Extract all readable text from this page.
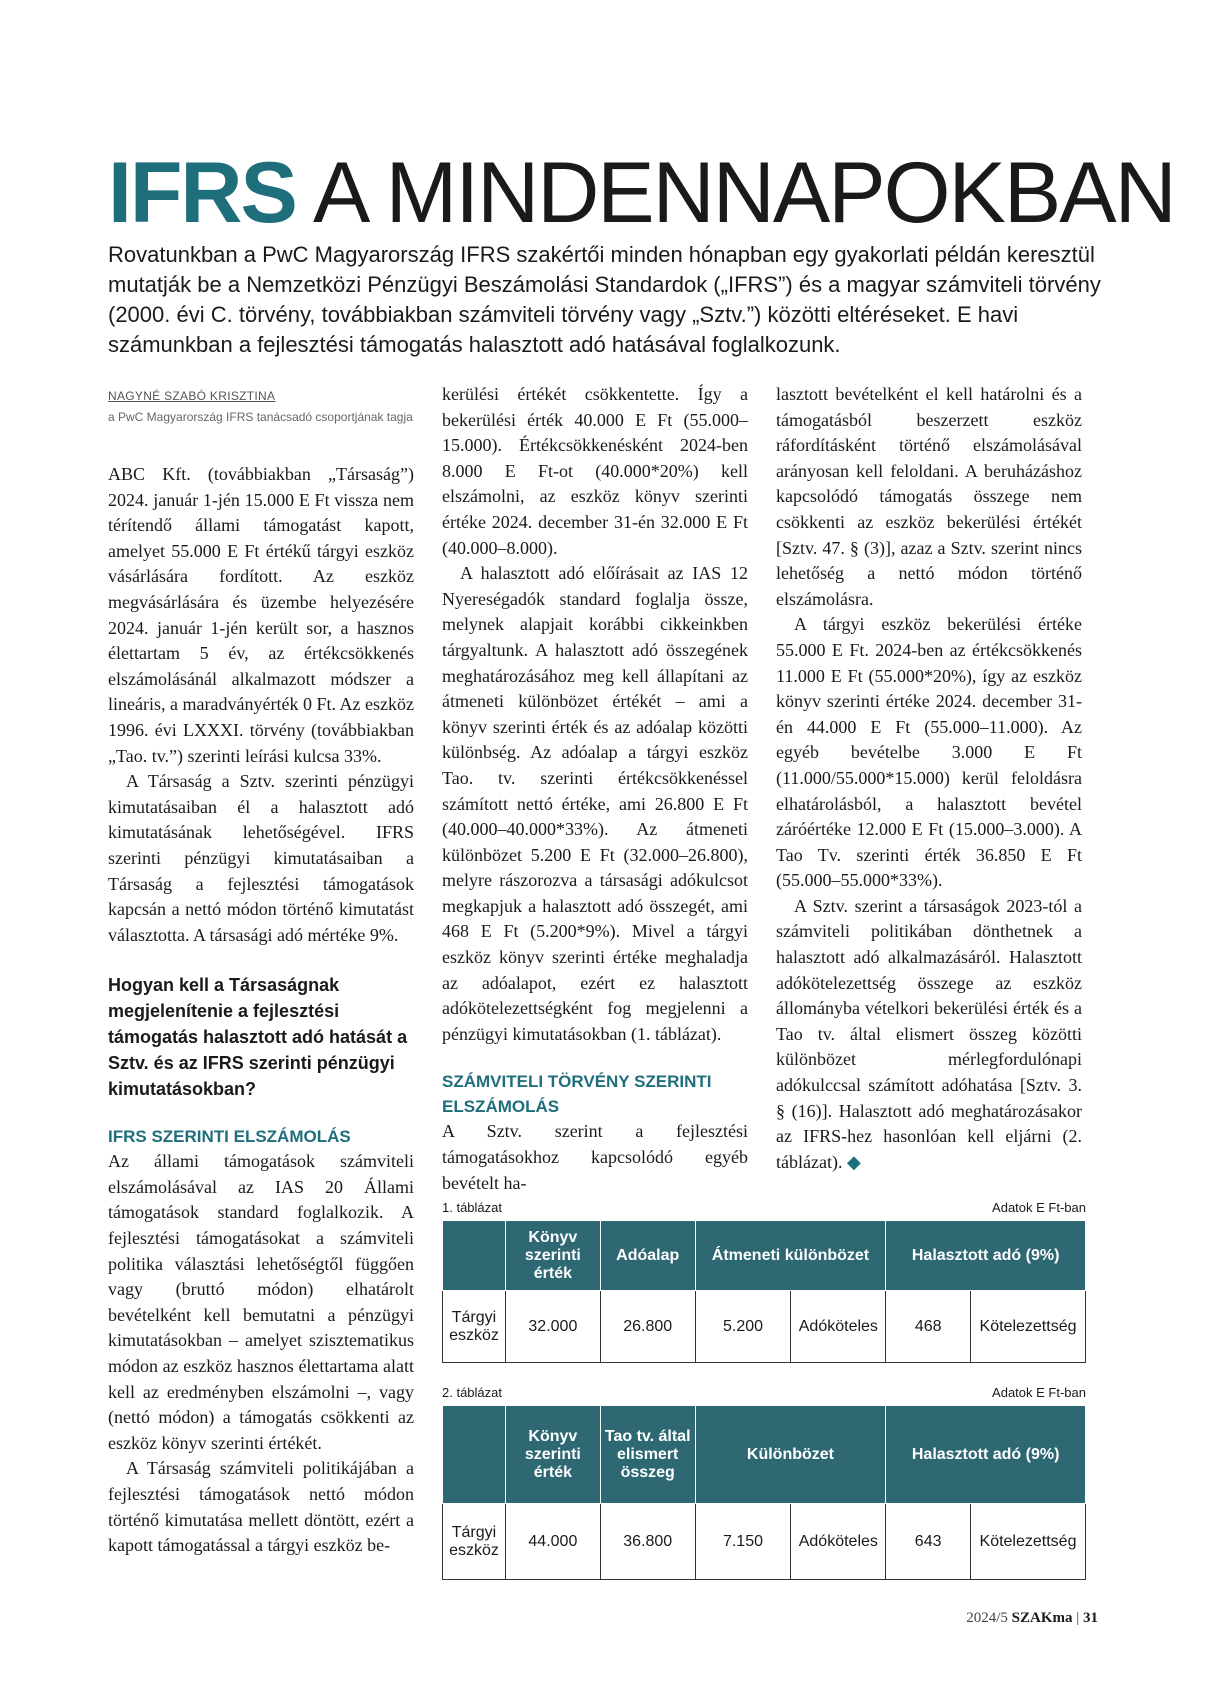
IFRS A MINDENNAPOKBAN
Rovatunkban a PwC Magyarország IFRS szakértői minden hónapban egy gyakorlati példán keresztül mutatják be a Nemzetközi Pénzügyi Beszámolási Standardok („IFRS”) és a magyar számviteli törvény (2000. évi C. törvény, továbbiakban számviteli törvény vagy „Sztv.”) közötti eltéréseket. E havi számunkban a fejlesztési támogatás halasztott adó hatásával foglalkozunk.
NAGYNÉ SZABÓ KRISZTINA
a PwC Magyarország IFRS tanácsadó csoportjának tagja

ABC Kft. (továbbiakban „Társaság”) 2024. január 1-jén 15.000 E Ft vissza nem térítendő állami támogatást kapott, amelyet 55.000 E Ft értékű tárgyi eszköz vásárlására fordított. Az eszköz megvásárlására és üzembe helyezésére 2024. január 1-jén került sor, a hasznos élettartam 5 év, az értékcsökkenés elszámolásánál alkalmazott módszer a lineáris, a maradványérték 0 Ft. Az eszköz 1996. évi LXXXI. törvény (továbbiakban „Tao. tv.”) szerinti leírási kulcsa 33%.

A Társaság a Sztv. szerinti pénzügyi kimutatásaiban él a halasztott adó kimutatásának lehetőségével. IFRS szerinti pénzügyi kimutatásaiban a Társaság a fejlesztési támogatások kapcsán a nettó módon történő kimutatást választotta. A társasági adó mértéke 9%.

Hogyan kell a Társaságnak megjelenítenie a fejlesztési támogatás halasztott adó hatását a Sztv. és az IFRS szerinti pénzügyi kimutatásokban?
IFRS SZERINTI ELSZÁMOLÁS

Az állami támogatások számviteli elszámolásával az IAS 20 Állami támogatások standard foglalkozik. A fejlesztési támogatásokat a számviteli politika választási lehetőségtől függően vagy (bruttó módon) elhatárolt bevételként kell bemutatni a pénzügyi kimutatásokban – amelyet szisztematikus módon az eszköz hasznos élettartama alatt kell az eredményben elszámolni –, vagy (nettó módon) a támogatás csökkenti az eszköz könyv szerinti értékét.

A Társaság számviteli politikájában a fejlesztési támogatások nettó módon történő kimutatása mellett döntött, ezért a kapott támogatással a tárgyi eszköz be-

kerülési értékét csökkentette. Így a bekerülési érték 40.000 E Ft (55.000–15.000). Értékcsökkenésként 2024-ben 8.000 E Ft-ot (40.000*20%) kell elszámolni, az eszköz könyv szerinti értéke 2024. december 31-én 32.000 E Ft (40.000–8.000).

A halasztott adó előírásait az IAS 12 Nyereségadók standard foglalja össze, melynek alapjait korábbi cikkeinkben tárgyaltunk. A halasztott adó összegének meghatározásához meg kell állapítani az átmeneti különbözet értékét – ami a könyv szerinti érték és az adóalap közötti különbség. Az adóalap a tárgyi eszköz Tao. tv. szerinti értékcsökkenéssel számított nettó értéke, ami 26.800 E Ft (40.000–40.000*33%). Az átmeneti különbözet 5.200 E Ft (32.000–26.800), melyre rászorozva a társasági adókulcsot megkapjuk a halasztott adó összegét, ami 468 E Ft (5.200*9%). Mivel a tárgyi eszköz könyv szerinti értéke meghaladja az adóalapot, ezért ez halasztott adókötelezettségként fog megjelenni a pénzügyi kimutatásokban (1. táblázat).

SZÁMVITELI TÖRVÉNY SZERINTI ELSZÁMOLÁS

A Sztv. szerint a fejlesztési támogatásokhoz kapcsolódó egyéb bevételt ha-

lasztott bevételként el kell határolni és a támogatásból beszerzett eszköz ráfordításként történő elszámolásával arányosan kell feloldani. A beruházáshoz kapcsolódó támogatás összege nem csökkenti az eszköz bekerülési értékét [Sztv. 47. § (3)], azaz a Sztv. szerint nincs lehetőség a nettó módon történő elszámolásra.

A tárgyi eszköz bekerülési értéke 55.000 E Ft. 2024-ben az értékcsökkenés 11.000 E Ft (55.000*20%), így az eszköz könyv szerinti értéke 2024. december 31-én 44.000 E Ft (55.000–11.000). Az egyéb bevételbe 3.000 E Ft (11.000/55.000*15.000) kerül feloldásra elhatárolásból, a halasztott bevétel záróértéke 12.000 E Ft (15.000–3.000). A Tao Tv. szerinti érték 36.850 E Ft (55.000–55.000*33%).

A Sztv. szerint a társaságok 2023-tól a számviteli politikában dönthetnek a halasztott adó alkalmazásáról. Halasztott adókötelezettség összege az eszköz állományba vételkori bekerülési érték és a Tao tv. által elismert összeg közötti különbözet mérlegfordulónapi adókulccsal számított adóhatása [Sztv. 3. § (16)]. Halasztott adó meghatározásakor az IFRS-hez hasonlóan kell eljárni (2. táblázat). ◆

1. táblázat	Adatok E Ft-ban
	Könyv szerinti érték	Adóalap	Átmeneti különbözet		Halasztott adó (9%)	
Tárgyi eszköz	32.000	26.800	5.200	Adóköteles	468	Kötelezettség
2. táblázat	Adatok E Ft-ban
	Könyv szerinti érték	Tao tv. által elismert összeg	Különbözet		Halasztott adó (9%)	
Tárgyi eszköz	44.000	36.800	7.150	Adóköteles	643	Kötelezettség
2024/5 SZAKma | 31
